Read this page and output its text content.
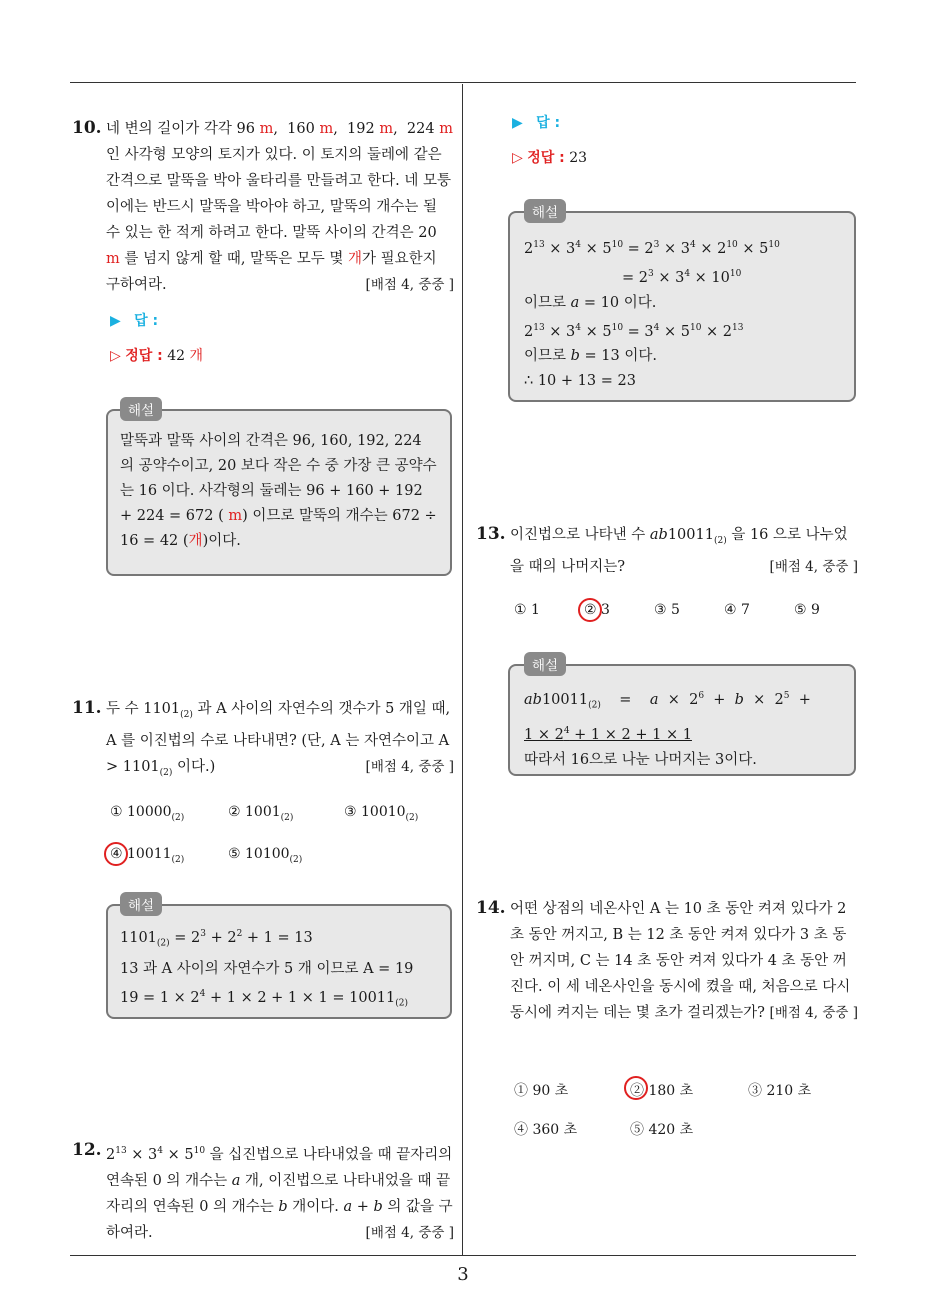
10. 네 변의 길이가 각각 96 m,  160 m,  192 m,  224 m 인 사각형 모양의 토지가 있다. 이 토지의 둘레에 같은 간격으로 말뚝을 박아 울타리를 만들려고 한다. 네 모퉁이에는 반드시 말뚝을 박아야 하고, 말뚝의 개수는 될 수 있는 한 적게 하려고 한다. 말뚝 사이의 간격은 20 m 를 넘지 않게 할 때, 말뚝은 모두 몇 개가 필요한지 구하여라.	[배점 4, 중중 ]
▶ 답 :
▷ 정답 : 42 개
말뚝과 말뚝 사이의 간격은 96, 160, 192, 224 의 공약수이고, 20 보다 작은 수 중 가장 큰 공약수는 16 이다. 사각형의 둘레는 96 + 160 + 192 + 224 = 672 ( m) 이므로 말뚝의 개수는 672 ÷ 16 = 42 (개)이다.
해설
11. 두 수 $1101_{(2)}$ 과 A 사이의 자연수의 갯수가 5 개일 때, A 를 이진법의 수로 나타내면? (단, A 는 자연수이고 $A > 1101_{(2)}$ 이다.)	[배점 4, 중중 ]
① $10000_{(2)}$	② $1001_{(2)}$	③ $10010_{(2)}$
④ $10011_{(2)}$	⑤ $10100_{(2)}$
$1101_{(2)} = 2^3 + 2^2 + 1 = 13$
13 과 A 사이의 자연수가 5 개 이므로 A = 19
$19 = 1 \times 2^4 + 1 \times 2 + 1 \times 1 = 10011_{(2)}$
해설
12. $2^{13} \times 3^4 \times 5^{10}$ 을 십진법으로 나타내었을 때 끝자리의 연속된 0 의 개수는 a 개, 이진법으로 나타내었을 때 끝자리의 연속된 0 의 개수는 b 개이다. a + b 의 값을 구하여라.	[배점 4, 중중 ]
▶ 답 :
▷ 정답 : 23
$2^{13} \times 3^4 \times 5^{10} = 2^3 \times 3^4 \times 2^{10} \times 5^{10}$
= $2^3 \times 3^4 \times 10^{10}$
이므로 a = 10 이다.
$2^{13} \times 3^4 \times 5^{10} = 3^4 \times 5^{10} \times 2^{13}$
이므로 b = 13 이다.
∴ 10 + 13 = 23
해설
13. 이진법으로 나타낸 수 $ab10011_{(2)}$ 을 16 으로 나누었을 때의 나머지는?	[배점 4, 중중 ]
① 1	② 3	③ 5	④ 7	⑤ 9
$ab10011_{(2)}$    =    $a \times 2^6 + b \times 2^5$  +
$1 \times 2^4 + 1 \times 2 + 1 \times 1$
따라서 16으로 나눈 나머지는 3이다.
해설
14. 어떤 상점의 네온사인 A 는 10 초 동안 켜져 있다가 2 초 동안 꺼지고, B 는 12 초 동안 켜져 있다가 3 초 동안 꺼지며, C 는 14 초 동안 켜져 있다가 4 초 동안 꺼진다. 이 세 네온사인을 동시에 켰을 때, 처음으로 다시 동시에 켜지는 데는 몇 초가 걸리겠는가? [배점 4, 중중 ]
① 90 초	② 180 초	③ 210 초
④ 360 초	⑤ 420 초
3
